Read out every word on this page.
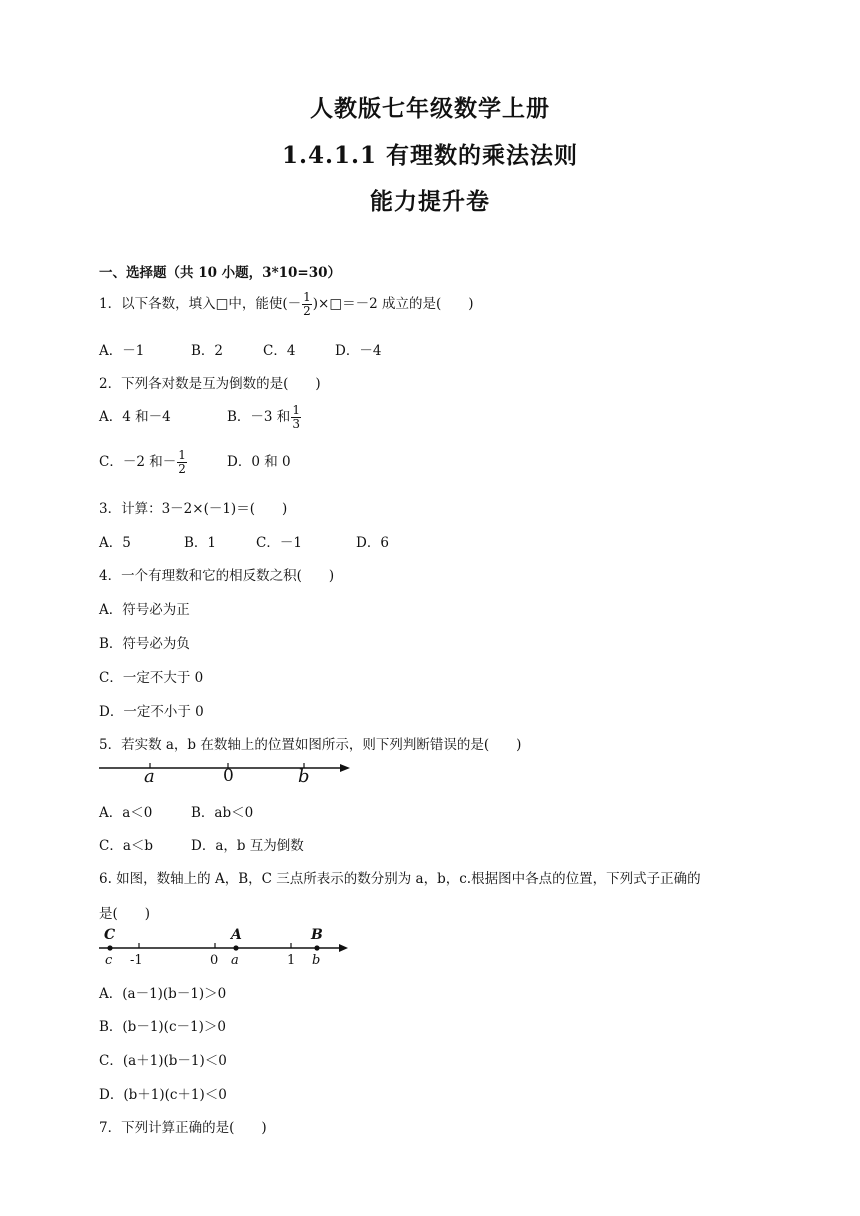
人教版七年级数学上册
1.4.1.1 有理数的乘法法则
能力提升卷
一、选择题（共 10 小题，3*10=30）
1．以下各数，填入□中，能使(－ $\frac{1}{2}$ )×□＝－2 成立的是(　　)
A．－1	B．2	C．4	D．－4
2．下列各对数是互为倒数的是(　　)
A．4 和－4	B．－3 和 $\frac{1}{3}$
C．－2 和－ $\frac{1}{2}$	D．0 和 0
3．计算：3－2×(－1)＝(　　)
A．5	B．1	C．－1	D．6
4．一个有理数和它的相反数之积(　　)
A．符号必为正
B．符号必为负
C．一定不大于 0
D．一定不小于 0
5．若实数 a，b 在数轴上的位置如图所示，则下列判断错误的是(　　)
a	0	b
A．a＜0	B．ab＜0
C．a＜b	D．a，b 互为倒数
6. 如图，数轴上的 A，B，C 三点所表示的数分别为 a，b，c.根据图中各点的位置，下列式子正确的
是(　　)
C	A	B
c -1	0 a	1 b
A．(a－1)(b－1)＞0
B．(b－1)(c－1)＞0
C．(a＋1)(b－1)＜0
D．(b＋1)(c＋1)＜0
7．下列计算正确的是(　　)
